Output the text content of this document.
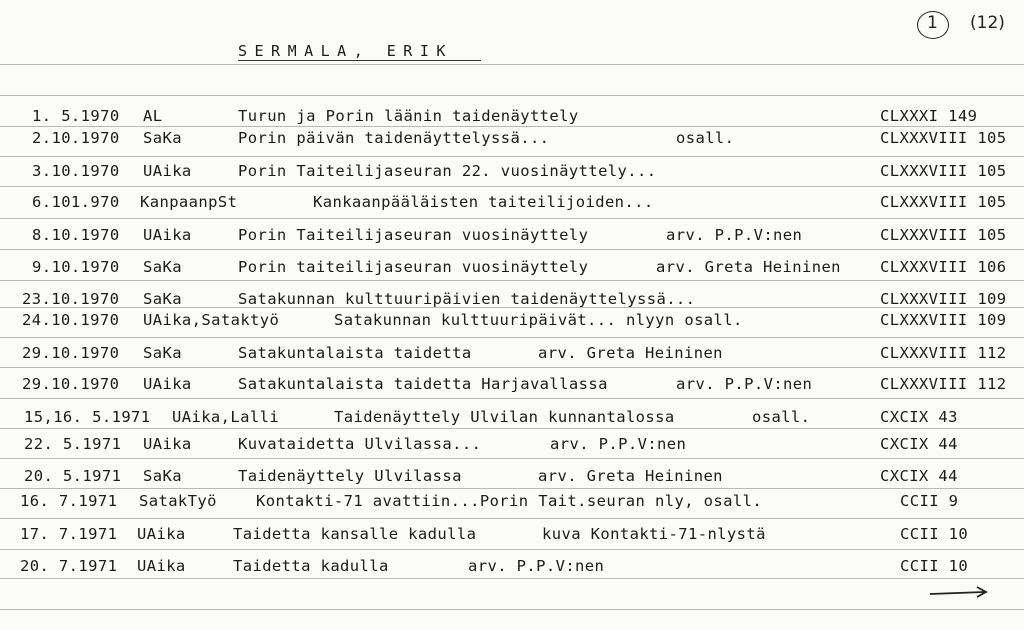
SERMALA, ERIK
1 (12)
1. 5.1970 AL	Turun ja Porin läänin taidenäyttely	CLXXXI 149
2.10.1970 SaKa	Porin päivän taidenäyttelyssä...	osall.	CLXXXVIII 105
3.10.1970 UAika	Porin Taiteilijaseuran 22. vuosinäyttely...	CLXXXVIII 105
6.101.970 KanpaanpSt	Kankaanpääläisten taiteilijoiden...	CLXXXVIII 105
8.10.1970 UAika	Porin Taiteilijaseuran vuosinäyttely	arv. P.P.V:nen	CLXXXVIII 105
9.10.1970 SaKa	Porin taiteilijaseuran vuosinäyttely	arv. Greta Heininen	CLXXXVIII 106
23.10.1970 SaKa	Satakunnan kulttuuripäivien taidenäyttelyssä...	CLXXXVIII 109
24.10.1970 UAika,Sataktyö	Satakunnan kulttuuripäivät... nlyyn osall.	CLXXXVIII 109
29.10.1970 SaKa	Satakuntalaista taidetta	arv. Greta Heininen	CLXXXVIII 112
29.10.1970 UAika	Satakuntalaista taidetta Harjavallassa	arv. P.P.V:nen	CLXXXVIII 112
15,16. 5.1971 UAika,Lalli	Taidenäyttely Ulvilan kunnantalossa	osall.	CXCIX 43
22. 5.1971 UAika	Kuvataidetta Ulvilassa...	arv. P.P.V:nen	CXCIX 44
20. 5.1971 SaKa	Taidenäyttely Ulvilassa	arv. Greta Heininen	CXCIX 44
16. 7.1971 SatakTyö	Kontakti-71 avattiin...Porin Tait.seuran nly, osall.	CCII 9
17. 7.1971 UAika	Taidetta kansalle kadulla	kuva Kontakti-71-nlystä	CCII 10
20. 7.1971 UAika	Taidetta kadulla	arv. P.P.V:nen	CCII 10
